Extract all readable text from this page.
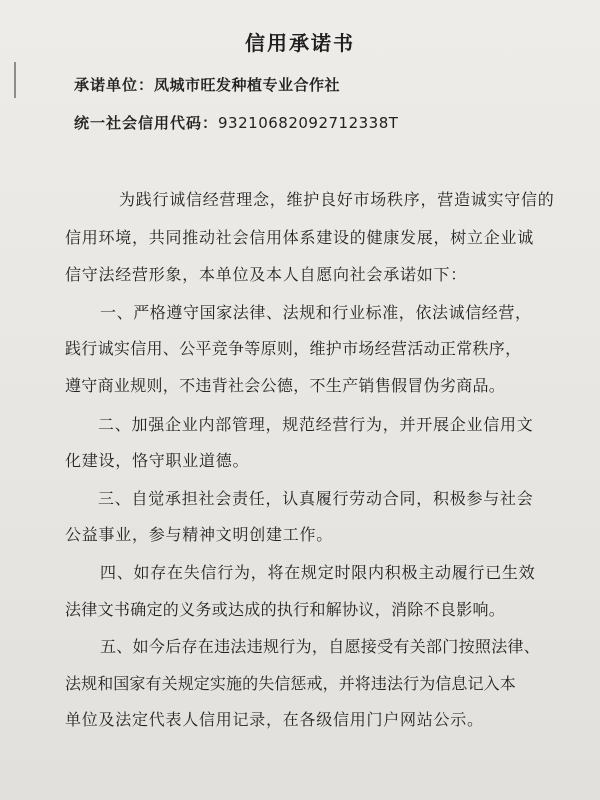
信用承诺书
承诺单位：凤城市旺发种植专业合作社
统一社会信用代码：93210682092712338T
为践行诚信经营理念，维护良好市场秩序，营造诚实守信的
信用环境，共同推动社会信用体系建设的健康发展，树立企业诚
信守法经营形象，本单位及本人自愿向社会承诺如下：
一、严格遵守国家法律、法规和行业标准，依法诚信经营，
践行诚实信用、公平竞争等原则，维护市场经营活动正常秩序，
遵守商业规则，不违背社会公德，不生产销售假冒伪劣商品。
二、加强企业内部管理，规范经营行为，并开展企业信用文
化建设，恪守职业道德。
三、自觉承担社会责任，认真履行劳动合同，积极参与社会
公益事业，参与精神文明创建工作。
四、如存在失信行为，将在规定时限内积极主动履行已生效
法律文书确定的义务或达成的执行和解协议，消除不良影响。
五、如今后存在违法违规行为，自愿接受有关部门按照法律、
法规和国家有关规定实施的失信惩戒，并将违法行为信息记入本
单位及法定代表人信用记录，在各级信用门户网站公示。
